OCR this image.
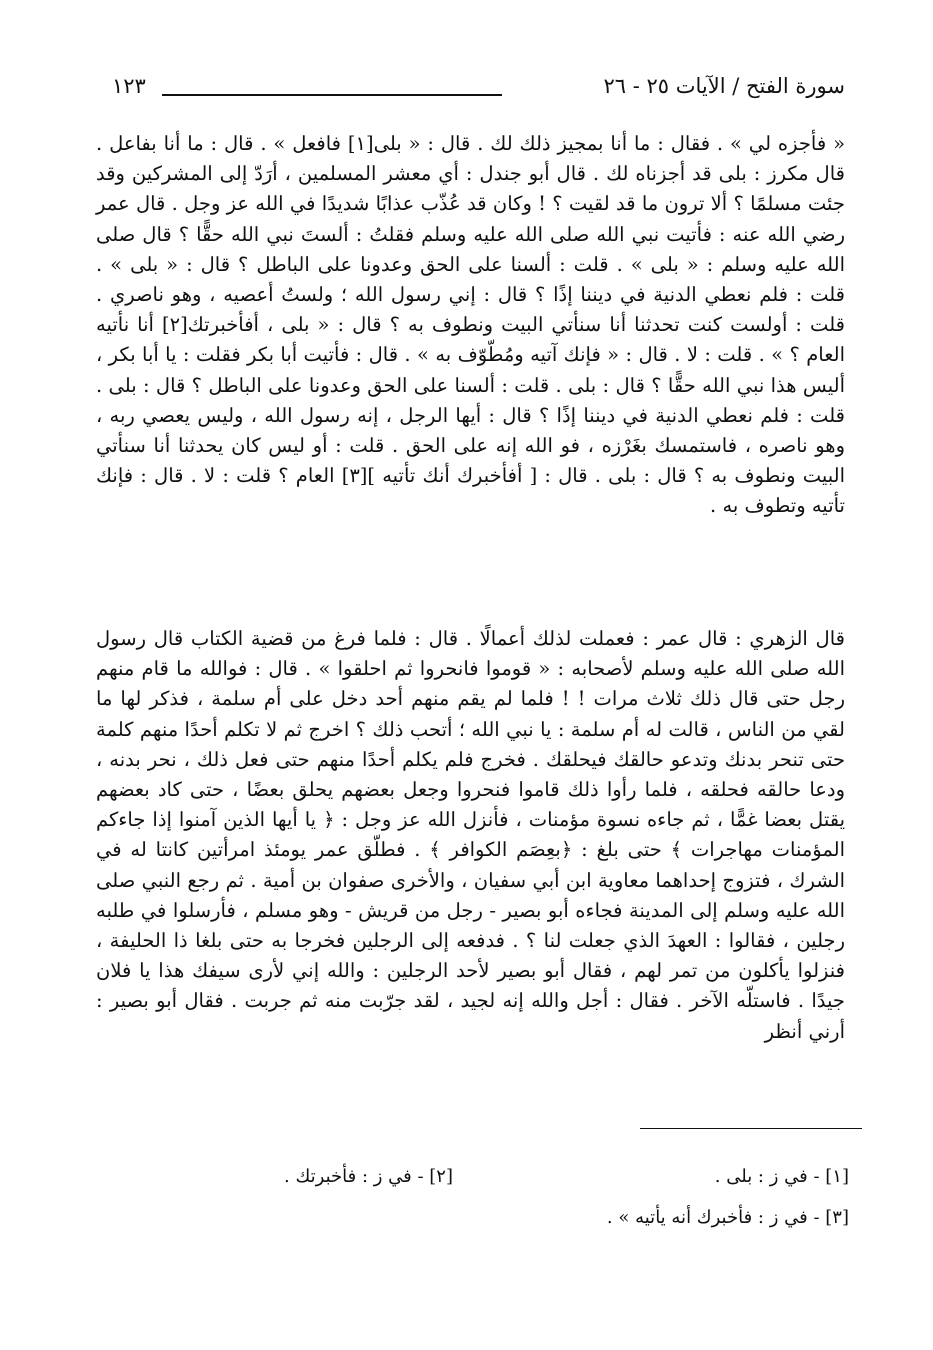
سورة الفتح / الآيات ٢٥ - ٢٦
١٢٣

« فأجزه لي » . فقال : ما أنا بمجيز ذلك لك . قال : « بلى[١] فافعل » . قال : ما أنا بفاعل . قال مكرز : بلى قد أجزناه لك . قال أبو جندل : أي معشر المسلمين ، أرَدّ إلى المشركين وقد جئت مسلمًا ؟ ألا ترون ما قد لقيت ؟ ! وكان قد عُذّب عذابًا شديدًا في الله عز وجل . قال عمر رضي الله عنه : فأتيت نبي الله صلى الله عليه وسلم فقلتُ : ألستَ نبي الله حقًّا ؟ قال صلى الله عليه وسلم : « بلى » . قلت : ألسنا على الحق وعدونا على الباطل ؟ قال : « بلى » . قلت : فلم نعطي الدنية في ديننا إذًا ؟ قال : إني رسول الله ؛ ولستُ أعصيه ، وهو ناصري . قلت : أولست كنت تحدثنا أنا سنأتي البيت ونطوف به ؟ قال : « بلى ، أفأخبرتك[٢] أنا نأتيه العام ؟ » . قلت : لا . قال : « فإنك آتيه ومُطّوّف به » . قال : فأتيت أبا بكر فقلت : يا أبا بكر ، أليس هذا نبي الله حقًّا ؟ قال : بلى . قلت : ألسنا على الحق وعدونا على الباطل ؟ قال : بلى . قلت : فلم نعطي الدنية في ديننا إذًا ؟ قال : أيها الرجل ، إنه رسول الله ، وليس يعصي ربه ، وهو ناصره ، فاستمسك بغَرْزه ، فو الله إنه على الحق . قلت : أو ليس كان يحدثنا أنا سنأتي البيت ونطوف به ؟ قال : بلى . قال : [ أفأخبرك أنك تأتيه ][٣] العام ؟ قلت : لا . قال : فإنك تأتيه وتطوف به .

قال الزهري : قال عمر : فعملت لذلك أعمالًا . قال : فلما فرغ من قضية الكتاب قال رسول الله صلى الله عليه وسلم لأصحابه : « قوموا فانحروا ثم احلقوا » . قال : فوالله ما قام منهم رجل حتى قال ذلك ثلاث مرات ! ! فلما لم يقم منهم أحد دخل على أم سلمة ، فذكر لها ما لقي من الناس ، قالت له أم سلمة : يا نبي الله ؛ أتحب ذلك ؟ اخرج ثم لا تكلم أحدًا منهم كلمة حتى تنحر بدنك وتدعو حالقك فيحلقك . فخرج فلم يكلم أحدًا منهم حتى فعل ذلك ، نحر بدنه ، ودعا حالقه فحلقه ، فلما رأوا ذلك قاموا فنحروا وجعل بعضهم يحلق بعضًا ، حتى كاد بعضهم يقتل بعضا غمًّا ، ثم جاءه نسوة مؤمنات ، فأنزل الله عز وجل : ﴿ يا أيها الذين آمنوا إذا جاءكم المؤمنات مهاجرات ﴾ حتى بلغ : ﴿بعِصَم الكوافر ﴾ . فطلّق عمر يومئذ امرأتين كانتا له في الشرك ، فتزوج إحداهما معاوية ابن أبي سفيان ، والأخرى صفوان بن أمية . ثم رجع النبي صلى الله عليه وسلم إلى المدينة فجاءه أبو بصير - رجل من قريش - وهو مسلم ، فأرسلوا في طلبه رجلين ، فقالوا : العهدَ الذي جعلت لنا ؟ . فدفعه إلى الرجلين فخرجا به حتى بلغا ذا الحليفة ، فنزلوا يأكلون من تمر لهم ، فقال أبو بصير لأحد الرجلين : والله إني لأرى سيفك هذا يا فلان جيدًا . فاستلّه الآخر . فقال : أجل والله إنه لجيد ، لقد جرّبت منه ثم جربت . فقال أبو بصير : أرني أنظر

[١] - في ز : بلى .
[٢] - في ز : فأخبرتك .
[٣] - في ز : فأخبرك أنه يأتيه » .
